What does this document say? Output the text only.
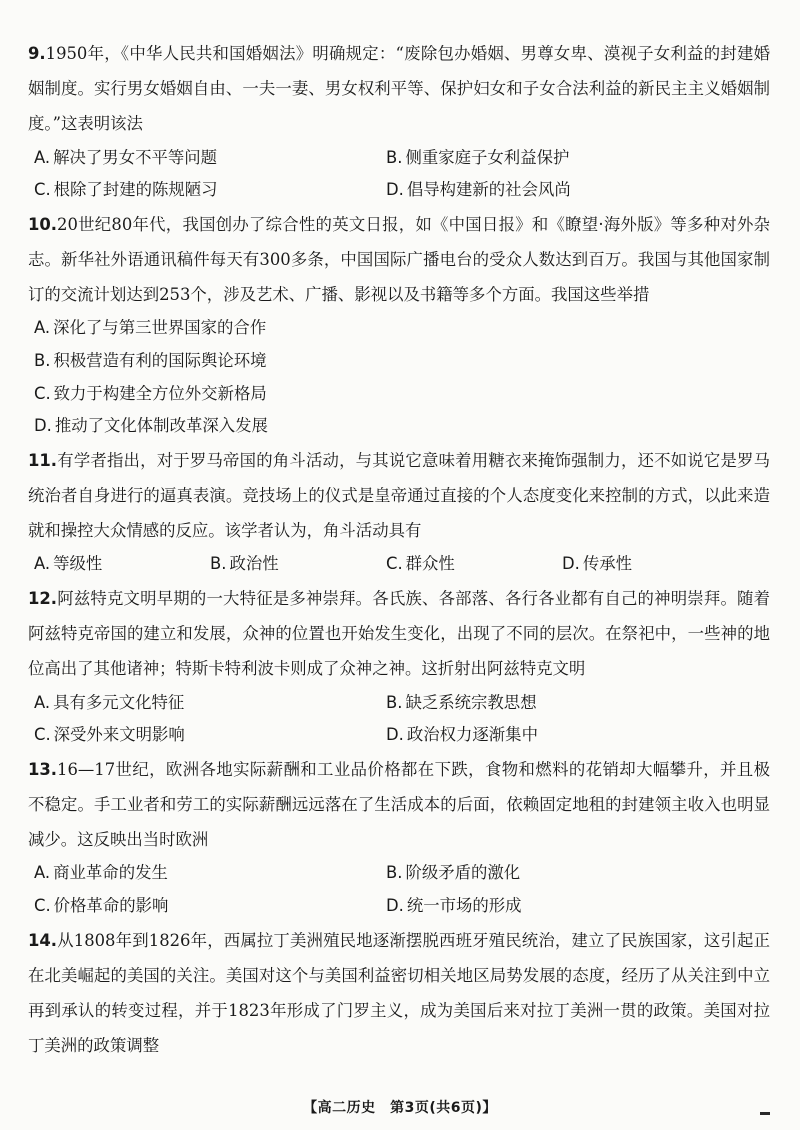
9.1950年，《中华人民共和国婚姻法》明确规定：“废除包办婚姻、男尊女卑、漠视子女利益的封建婚姻制度。实行男女婚姻自由、一夫一妻、男女权利平等、保护妇女和子女合法利益的新民主主义婚姻制度。”这表明该法

A. 解决了男女不平等问题	B. 侧重家庭子女利益保护
C. 根除了封建的陈规陋习	D. 倡导构建新的社会风尚

10.20世纪80年代，我国创办了综合性的英文日报，如《中国日报》和《瞭望·海外版》等多种对外杂志。新华社外语通讯稿件每天有300多条，中国国际广播电台的受众人数达到百万。我国与其他国家制订的交流计划达到253个，涉及艺术、广播、影视以及书籍等多个方面。我国这些举措

A. 深化了与第三世界国家的合作
B. 积极营造有利的国际舆论环境
C. 致力于构建全方位外交新格局
D. 推动了文化体制改革深入发展

11.有学者指出，对于罗马帝国的角斗活动，与其说它意味着用糖衣来掩饰强制力，还不如说它是罗马统治者自身进行的逼真表演。竞技场上的仪式是皇帝通过直接的个人态度变化来控制的方式，以此来造就和操控大众情感的反应。该学者认为，角斗活动具有

A. 等级性	B. 政治性	C. 群众性	D. 传承性

12.阿兹特克文明早期的一大特征是多神崇拜。各氏族、各部落、各行各业都有自己的神明崇拜。随着阿兹特克帝国的建立和发展，众神的位置也开始发生变化，出现了不同的层次。在祭祀中，一些神的地位高出了其他诸神；特斯卡特利波卡则成了众神之神。这折射出阿兹特克文明

A. 具有多元文化特征	B. 缺乏系统宗教思想
C. 深受外来文明影响	D. 政治权力逐渐集中

13.16—17世纪，欧洲各地实际薪酬和工业品价格都在下跌，食物和燃料的花销却大幅攀升，并且极不稳定。手工业者和劳工的实际薪酬远远落在了生活成本的后面，依赖固定地租的封建领主收入也明显减少。这反映出当时欧洲

A. 商业革命的发生	B. 阶级矛盾的激化
C. 价格革命的影响	D. 统一市场的形成

14.从1808年到1826年，西属拉丁美洲殖民地逐渐摆脱西班牙殖民统治，建立了民族国家，这引起正在北美崛起的美国的关注。美国对这个与美国利益密切相关地区局势发展的态度，经历了从关注到中立再到承认的转变过程，并于1823年形成了门罗主义，成为美国后来对拉丁美洲一贯的政策。美国对拉丁美洲的政策调整

【高二历史　第3页(共6页)】
